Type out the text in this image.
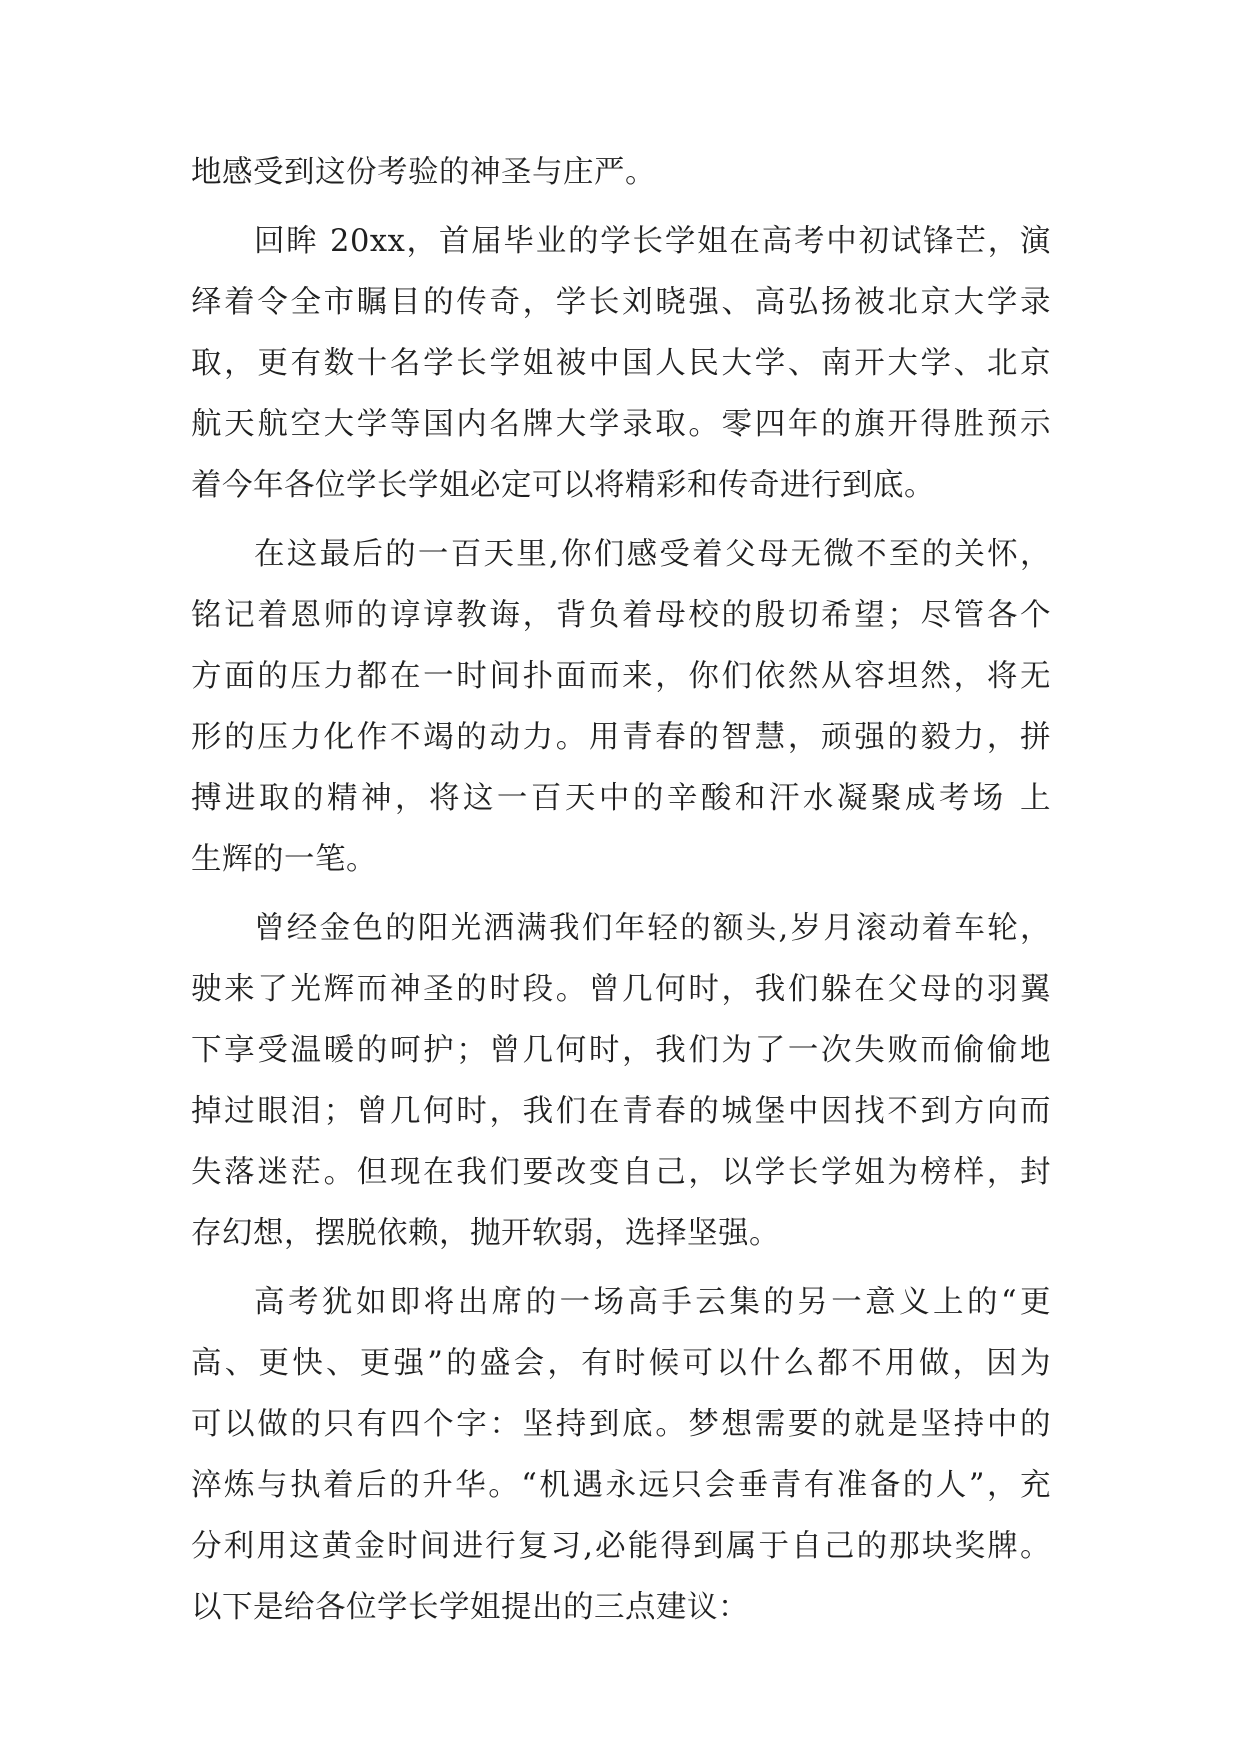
地感受到这份考验的神圣与庄严。
回眸 20xx，首届毕业的学长学姐在高考中初试锋芒，演
绎着令全市瞩目的传奇，学长刘晓强、高弘扬被北京大学录
取，更有数十名学长学姐被中国人民大学、南开大学、北京
航天航空大学等国内名牌大学录取。零四年的旗开得胜预示
着今年各位学长学姐必定可以将精彩和传奇进行到底。
在这最后的一百天里,你们感受着父母无微不至的关怀，
铭记着恩师的谆谆教诲，背负着母校的殷切希望；尽管各个
方面的压力都在一时间扑面而来，你们依然从容坦然，将无
形的压力化作不竭的动力。用青春的智慧，顽强的毅力，拼
搏进取的精神，将这一百天中的辛酸和汗水凝聚成考场 上
生辉的一笔。
曾经金色的阳光洒满我们年轻的额头,岁月滚动着车轮，
驶来了光辉而神圣的时段。曾几何时，我们躲在父母的羽翼
下享受温暖的呵护；曾几何时，我们为了一次失败而偷偷地
掉过眼泪；曾几何时，我们在青春的城堡中因找不到方向而
失落迷茫。但现在我们要改变自己，以学长学姐为榜样，封
存幻想，摆脱依赖，抛开软弱，选择坚强。
高考犹如即将出席的一场高手云集的另一意义上的“更
高、更快、更强”的盛会，有时候可以什么都不用做，因为
可以做的只有四个字：坚持到底。梦想需要的就是坚持中的
淬炼与执着后的升华。“机遇永远只会垂青有准备的人”，充
分利用这黄金时间进行复习,必能得到属于自己的那块奖牌。
以下是给各位学长学姐提出的三点建议：
